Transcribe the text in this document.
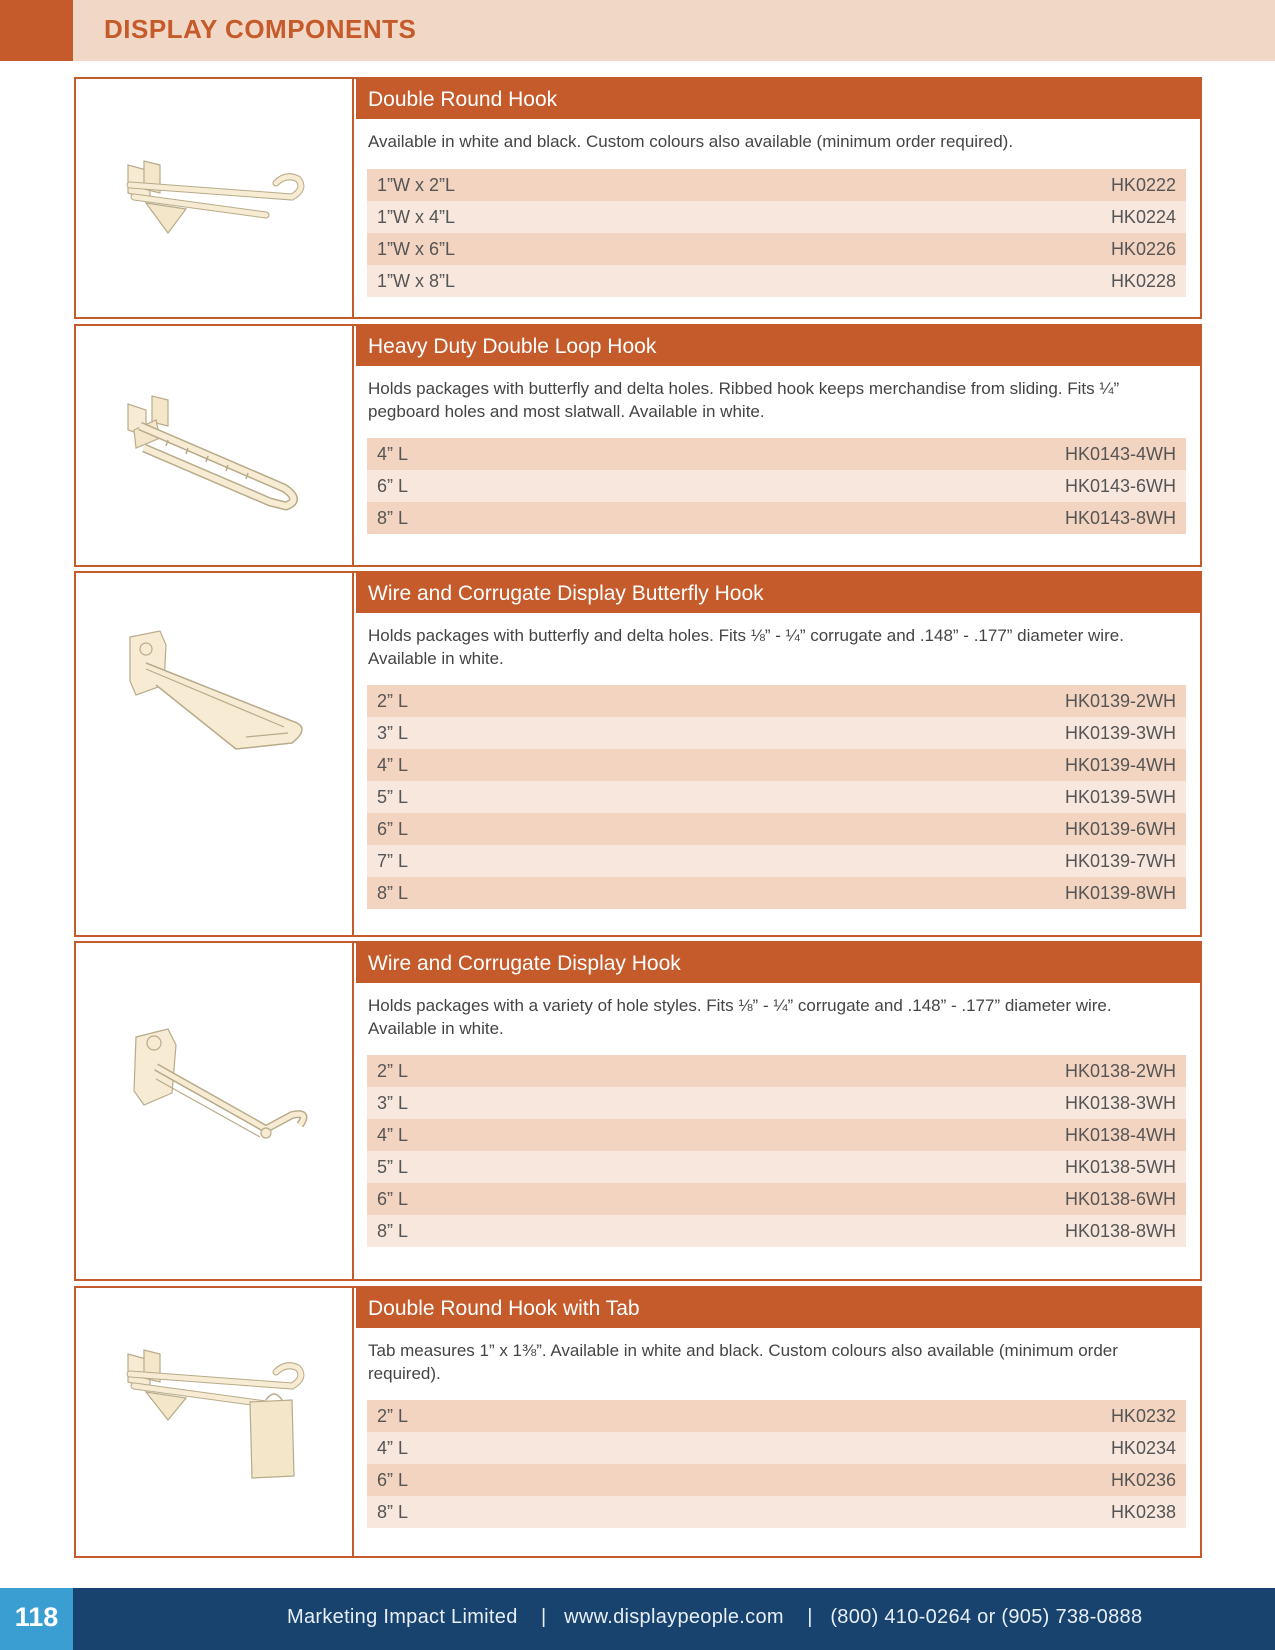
DISPLAY COMPONENTS
Double Round Hook
Available in white and black. Custom colours also available (minimum order required).
1”W x 2”L	HK0222
1”W x 4”L	HK0224
1”W x 6”L	HK0226
1”W x 8”L	HK0228
Heavy Duty Double Loop Hook
Holds packages with butterfly and delta holes. Ribbed hook keeps merchandise from sliding. Fits ¼” pegboard holes and most slatwall. Available in white.
4” L	HK0143-4WH
6” L	HK0143-6WH
8” L	HK0143-8WH
Wire and Corrugate Display Butterfly Hook
Holds packages with butterfly and delta holes. Fits ⅛” - ¼” corrugate and .148” - .177” diameter wire. Available in white.
2” L	HK0139-2WH
3” L	HK0139-3WH
4” L	HK0139-4WH
5” L	HK0139-5WH
6” L	HK0139-6WH
7” L	HK0139-7WH
8” L	HK0139-8WH
Wire and Corrugate Display Hook
Holds packages with a variety of hole styles. Fits ⅛” - ¼” corrugate and .148” - .177” diameter wire. Available in white.
2” L	HK0138-2WH
3” L	HK0138-3WH
4” L	HK0138-4WH
5” L	HK0138-5WH
6” L	HK0138-6WH
8” L	HK0138-8WH
Double Round Hook with Tab
Tab measures 1” x 1⅜”. Available in white and black. Custom colours also available (minimum order required).
2” L	HK0232
4” L	HK0234
6” L	HK0236
8” L	HK0238
118	Marketing Impact Limited    |   www.displaypeople.com    |   (800) 410-0264 or (905) 738-0888
